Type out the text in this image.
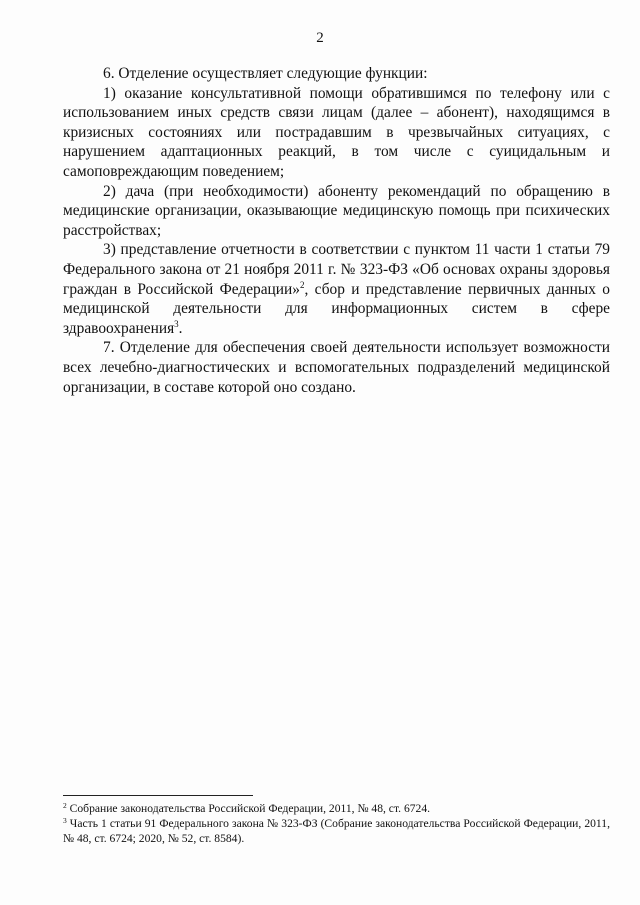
2

6. Отделение осуществляет следующие функции:

1) оказание консультативной помощи обратившимся по телефону или с использованием иных средств связи лицам (далее – абонент), находящимся в кризисных состояниях или пострадавшим в чрезвычайных ситуациях, с нарушением адаптационных реакций, в том числе с суицидальным и самоповреждающим поведением;

2) дача (при необходимости) абоненту рекомендаций по обращению в медицинские организации, оказывающие медицинскую помощь при психических расстройствах;

3) представление отчетности в соответствии с пунктом 11 части 1 статьи 79 Федерального закона от 21 ноября 2011 г. № 323-ФЗ «Об основах охраны здоровья граждан в Российской Федерации»$^2$, сбор и представление первичных данных о медицинской деятельности для информационных систем в сфере здравоохранения$^3$.

7. Отделение для обеспечения своей деятельности использует возможности всех лечебно-диагностических и вспомогательных подразделений медицинской организации, в составе которой оно создано.

$^2$ Собрание законодательства Российской Федерации, 2011, № 48, ст. 6724.

$^3$ Часть 1 статьи 91 Федерального закона № 323-ФЗ (Собрание законодательства Российской Федерации, 2011, № 48, ст. 6724; 2020, № 52, ст. 8584).
